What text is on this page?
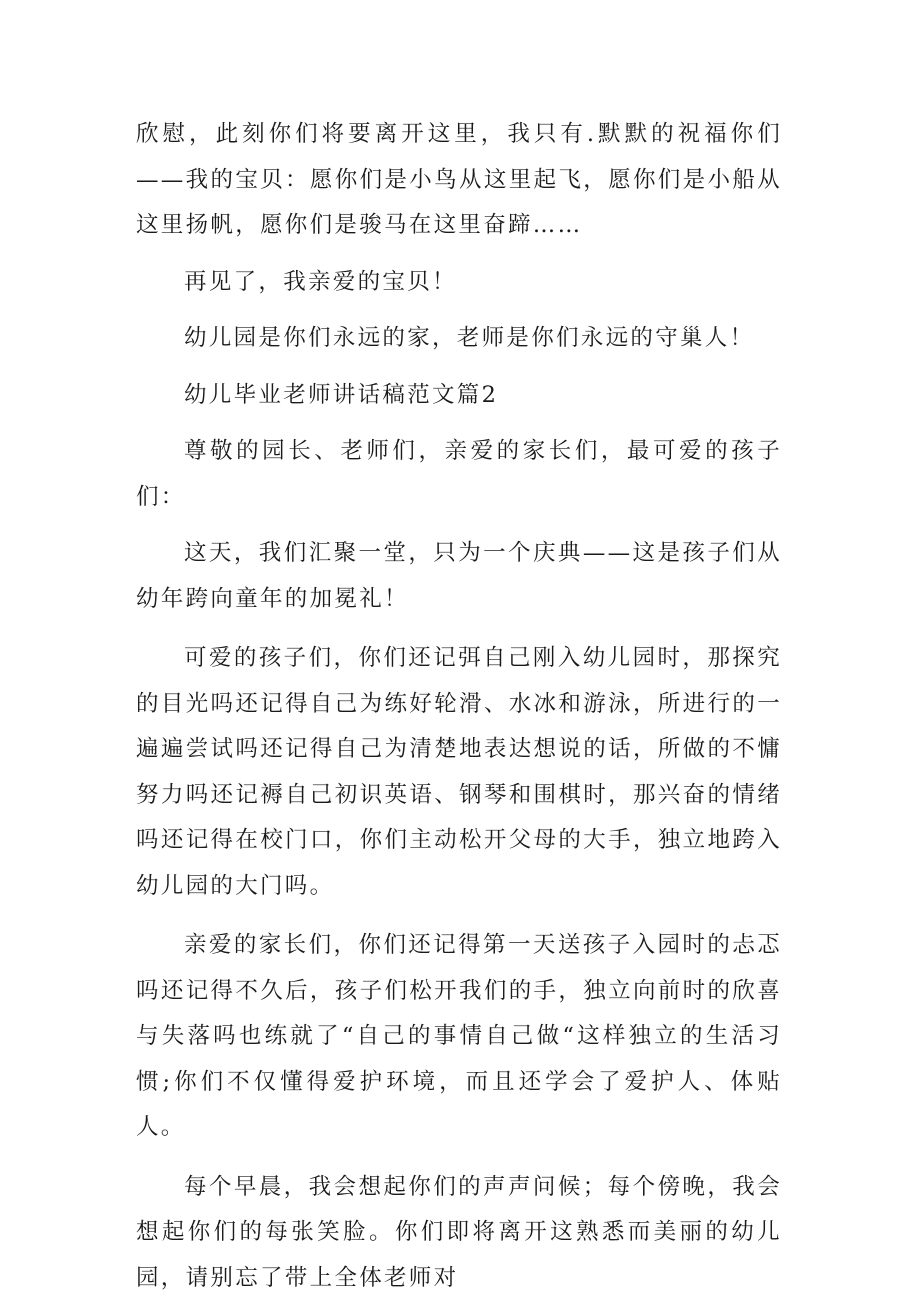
欣慰，此刻你们将要离开这里，我只有.默默的祝福你们——我的宝贝：愿你们是小鸟从这里起飞，愿你们是小船从这里扬帆，愿你们是骏马在这里奋蹄……

再见了，我亲爱的宝贝！

幼儿园是你们永远的家，老师是你们永远的守巢人！

幼儿毕业老师讲话稿范文篇2

尊敬的园长、老师们，亲爱的家长们，最可爱的孩子们：

这天，我们汇聚一堂，只为一个庆典——这是孩子们从幼年跨向童年的加冕礼！

可爱的孩子们，你们还记弭自己刚入幼儿园时，那探究的目光吗还记得自己为练好轮滑、水冰和游泳，所进行的一遍遍尝试吗还记得自己为清楚地表达想说的话，所做的不慵努力吗还记褥自己初识英语、钢琴和围棋时，那兴奋的情绪吗还记得在校门口，你们主动松开父母的大手，独立地跨入幼儿园的大门吗。

亲爱的家长们，你们还记得第一天送孩子入园时的忐忑吗还记得不久后，孩子们松开我们的手，独立向前时的欣喜与失落吗也练就了“自己的事情自己做“这样独立的生活习惯;你们不仅懂得爱护环境，而且还学会了爱护人、体贴人。

每个早晨，我会想起你们的声声问候；每个傍晚，我会想起你们的每张笑脸。你们即将离开这熟悉而美丽的幼儿园，请别忘了带上全体老师对
